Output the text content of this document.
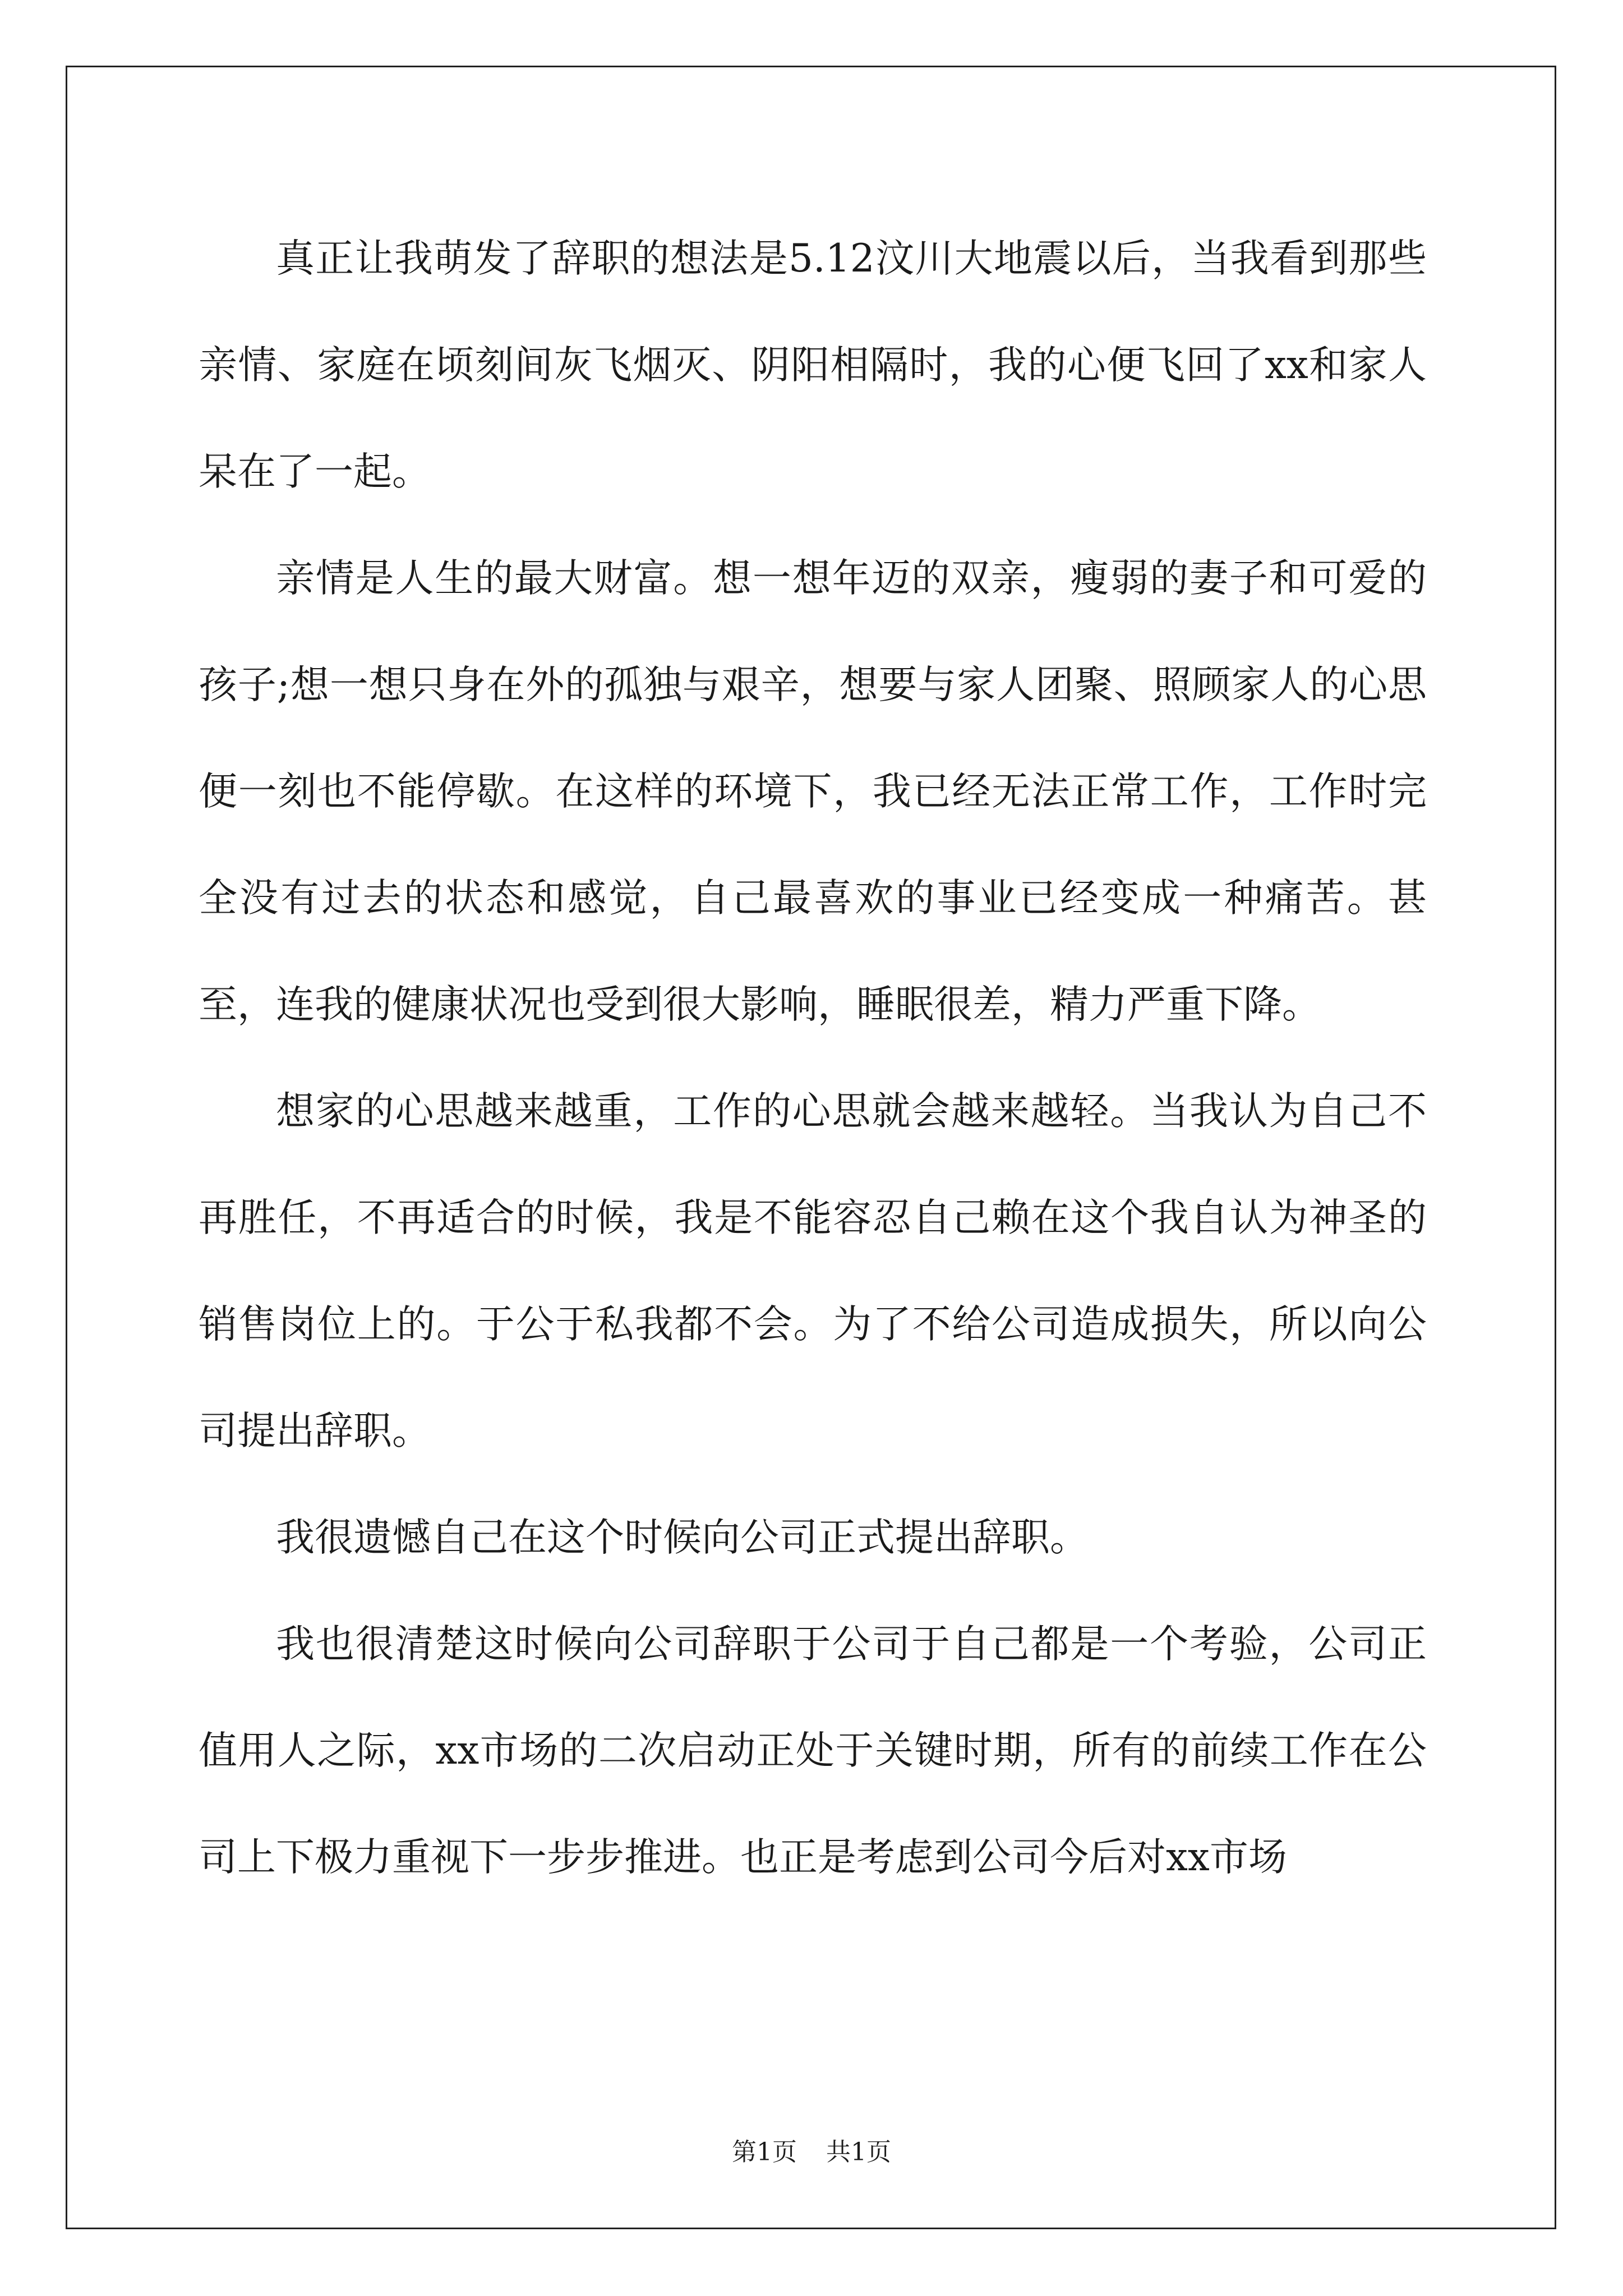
真正让我萌发了辞职的想法是5.12汶川大地震以后，当我看到那些亲情、家庭在顷刻间灰飞烟灭、阴阳相隔时，我的心便飞回了xx和家人呆在了一起。

亲情是人生的最大财富。想一想年迈的双亲，瘦弱的妻子和可爱的孩子;想一想只身在外的孤独与艰辛，想要与家人团聚、照顾家人的心思便一刻也不能停歇。在这样的环境下，我已经无法正常工作，工作时完全没有过去的状态和感觉，自己最喜欢的事业已经变成一种痛苦。甚至，连我的健康状况也受到很大影响，睡眠很差，精力严重下降。

想家的心思越来越重，工作的心思就会越来越轻。当我认为自己不再胜任，不再适合的时候，我是不能容忍自己赖在这个我自认为神圣的销售岗位上的。于公于私我都不会。为了不给公司造成损失，所以向公司提出辞职。

我很遗憾自己在这个时候向公司正式提出辞职。

我也很清楚这时候向公司辞职于公司于自己都是一个考验，公司正值用人之际，xx市场的二次启动正处于关键时期，所有的前续工作在公司上下极力重视下一步步推进。也正是考虑到公司今后对xx市场

第1页 共1页
